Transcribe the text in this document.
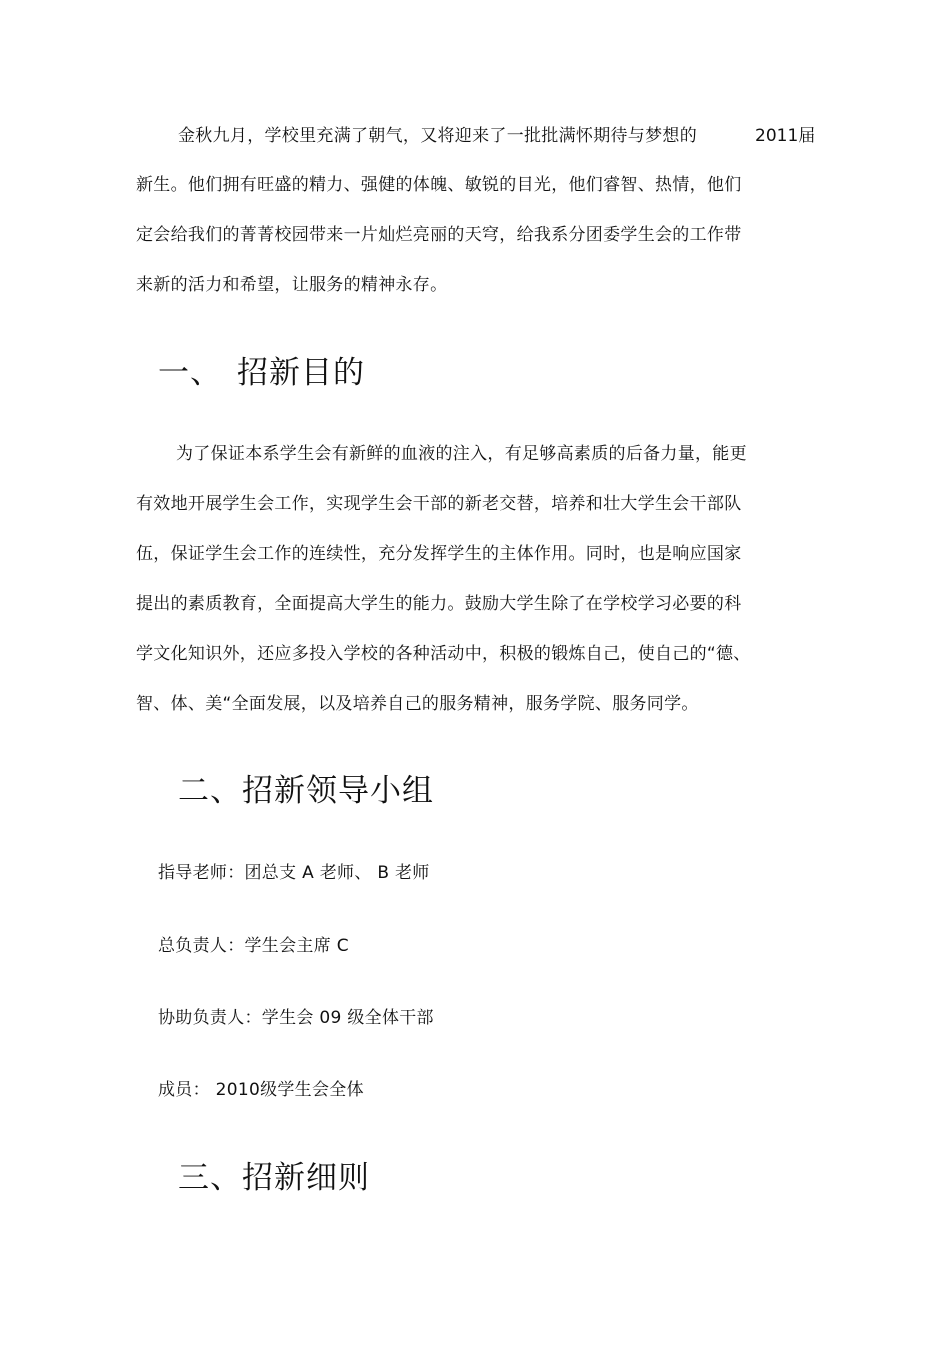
金秋九月，学校里充满了朝气，又将迎来了一批批满怀期待与梦想的	2011届
新生。他们拥有旺盛的精力、强健的体魄、敏锐的目光，他们睿智、热情，他们
定会给我们的菁菁校园带来一片灿烂亮丽的天穹，给我系分团委学生会的工作带
来新的活力和希望，让服务的精神永存。
一、 招新目的
为了保证本系学生会有新鲜的血液的注入，有足够高素质的后备力量，能更
有效地开展学生会工作，实现学生会干部的新老交替，培养和壮大学生会干部队
伍，保证学生会工作的连续性，充分发挥学生的主体作用。同时，也是响应国家
提出的素质教育，全面提高大学生的能力。鼓励大学生除了在学校学习必要的科
学文化知识外，还应多投入学校的各种活动中，积极的锻炼自己，使自己的“德、
智、体、美“全面发展，以及培养自己的服务精神，服务学院、服务同学。
二、招新领导小组
指导老师：团总支 A 老师、 B 老师
总负责人：学生会主席 C
协助负责人：学生会 09 级全体干部
成员： 2010级学生会全体
三、招新细则
